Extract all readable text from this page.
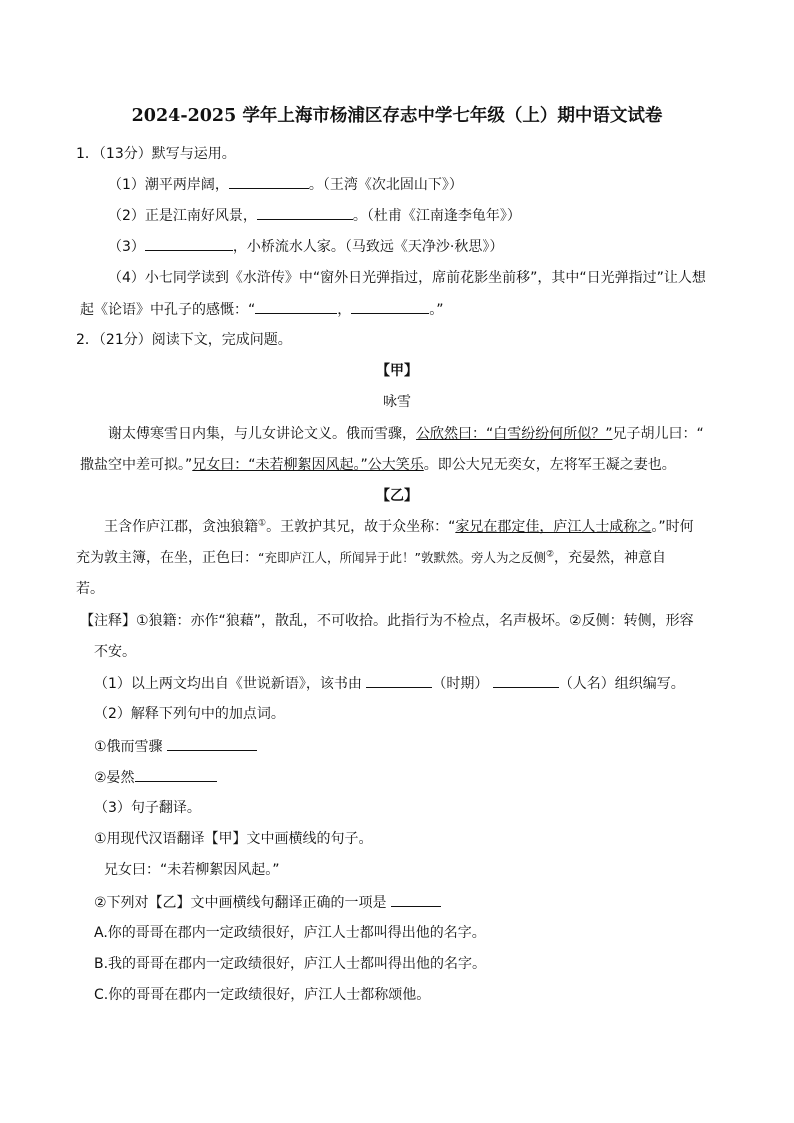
2024-2025 学年上海市杨浦区存志中学七年级（上）期中语文试卷
1．（13分）默写与运用。
（1）潮平两岸阔，	。（王湾《次北固山下》）
（2）正是江南好风景，	。（杜甫《江南逢李龟年》）
（3）	，小桥流水人家。（马致远《天净沙·秋思》）
（4）小七同学读到《水浒传》中“窗外日光弹指过，席前花影坐前移”，其中“日光弹指过”让人想
起《论语》中孔子的感慨：“	，	。”
2．（21分）阅读下文，完成问题。
【甲】
咏雪
谢太傅寒雪日内集，与儿女讲论文义。俄而雪骤，公欣然曰：“白雪纷纷何所似？”兄子胡儿曰：“
撒盐空中差可拟。”兄女曰：“未若柳絮因风起。”公大笑乐。即公大兄无奕女，左将军王凝之妻也。
【乙】
王含作庐江郡，贪浊狼籍①。王敦护其兄，故于众坐称：“家兄在郡定佳，庐江人士咸称之。”时何
充为敦主簿，在坐，正色曰：“充即庐江人，所闻异于此！”敦默然。旁人为之反侧②，充晏然，神意自
若。
【注释】①狼籍：亦作“狼藉”，散乱，不可收拾。此指行为不检点，名声极坏。②反侧：转侧，形容
不安。
（1）以上两文均出自《世说新语》，该书由	（时期）	（人名）组织编写。
（2）解释下列句中的加点词。
①俄而雪骤
②晏然
（3）句子翻译。
①用现代汉语翻译【甲】文中画横线的句子。
兄女曰：“未若柳絮因风起。”
②下列对【乙】文中画横线句翻译正确的一项是
A.你的哥哥在郡内一定政绩很好，庐江人士都叫得出他的名字。
B.我的哥哥在郡内一定政绩很好，庐江人士都叫得出他的名字。
C.你的哥哥在郡内一定政绩很好，庐江人士都称颂他。
